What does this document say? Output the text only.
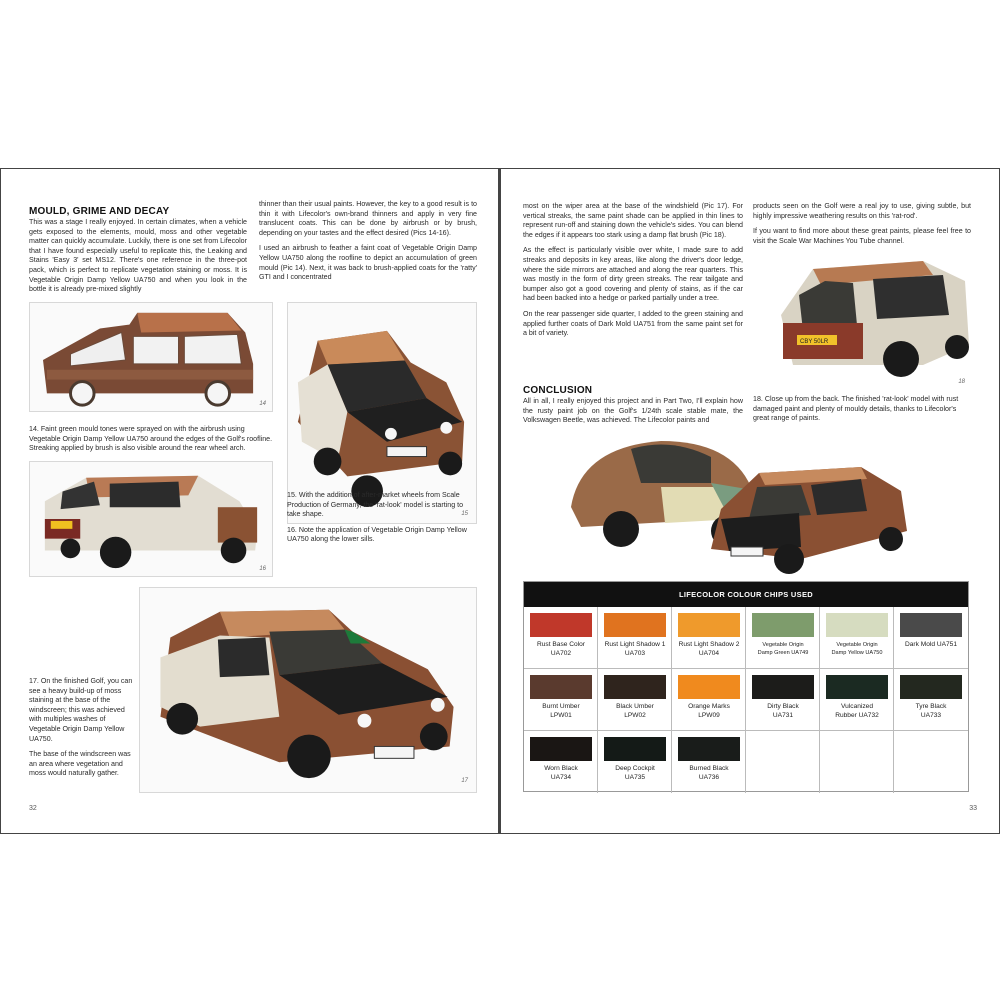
MOULD, GRIME AND DECAY

This was a stage I really enjoyed. In certain climates, when a vehicle gets exposed to the elements, mould, moss and other vegetable matter can quickly accumulate. Luckily, there is one set from Lifecolor that I have found especially useful to replicate this, the Leaking and Stains 'Easy 3' set MS12. There's one reference in the three-pot pack, which is perfect to replicate vegetation staining or moss. It is Vegetable Origin Damp Yellow UA750 and when you look in the bottle it is already pre-mixed slightly

thinner than their usual paints. However, the key to a good result is to thin it with Lifecolor's own-brand thinners and apply in very fine translucent coats. This can be done by airbrush or by brush, depending on your tastes and the effect desired (Pics 14-16).

I used an airbrush to feather a faint coat of Vegetable Origin Damp Yellow UA750 along the roofline to depict an accumulation of green mould (Pic 14). Next, it was back to brush-applied coats for the 'ratty' GTI and I concentrated

14
15
14. Faint green mould tones were sprayed on with the airbrush using Vegetable Origin Damp Yellow UA750 around the edges of the Golf's roofline. Streaking applied by brush is also visible around the rear wheel arch.
16

15. With the addition of after-market wheels from Scale Production of Germany, the 'rat-look' model is starting to take shape.

16. Note the application of Vegetable Origin Damp Yellow UA750 along the lower sills.

17

17. On the finished Golf, you can see a heavy build-up of moss staining at the base of the windscreen; this was achieved with multiples washes of Vegetable Origin Damp Yellow UA750.

The base of the windscreen was an area where vegetation and moss would naturally gather.

32

most on the wiper area at the base of the windshield (Pic 17). For vertical streaks, the same paint shade can be applied in thin lines to represent run-off and staining down the vehicle's sides. You can blend the edges if it appears too stark using a damp flat brush (Pic 18).

As the effect is particularly visible over white, I made sure to add streaks and deposits in key areas, like along the driver's door ledge, where the side mirrors are attached and along the rear quarters. This was mostly in the form of dirty green streaks. The rear tailgate and bumper also got a good covering and plenty of stains, as if the car had been backed into a hedge or parked partially under a tree.

On the rear passenger side quarter, I added to the green staining and applied further coats of Dark Mold UA751 from the same paint set for a bit of variety.

CONCLUSION

All in all, I really enjoyed this project and in Part Two, I'll explain how the rusty paint job on the Golf's 1/24th scale stable mate, the Volkswagen Beetle, was achieved. The Lifecolor paints and

products seen on the Golf were a real joy to use, giving subtle, but highly impressive weathering results on this 'rat-rod'.

If you want to find more about these great paints, please feel free to visit the Scale War Machines You Tube channel.

CBY 50LR
18
18. Close up from the back. The finished 'rat-look' model with rust damaged paint and plenty of mouldy details, thanks to Lifecolor's great range of paints.
LIFECOLOR COLOUR CHIPS USED
Rust Base Color
UA702
Rust Light Shadow 1
UA703
Rust Light Shadow 2
UA704
Vegetable Origin
Damp Green UA749
Vegetable Origin
Damp Yellow UA750
Dark Mold UA751
Burnt Umber
LPW01
Black Umber
LPW02
Orange Marks
LPW09
Dirty Black
UA731
Vulcanized
Rubber UA732
Tyre Black
UA733
Worn Black
UA734
Deep Cockpit
UA735
Burned Black
UA736
33
